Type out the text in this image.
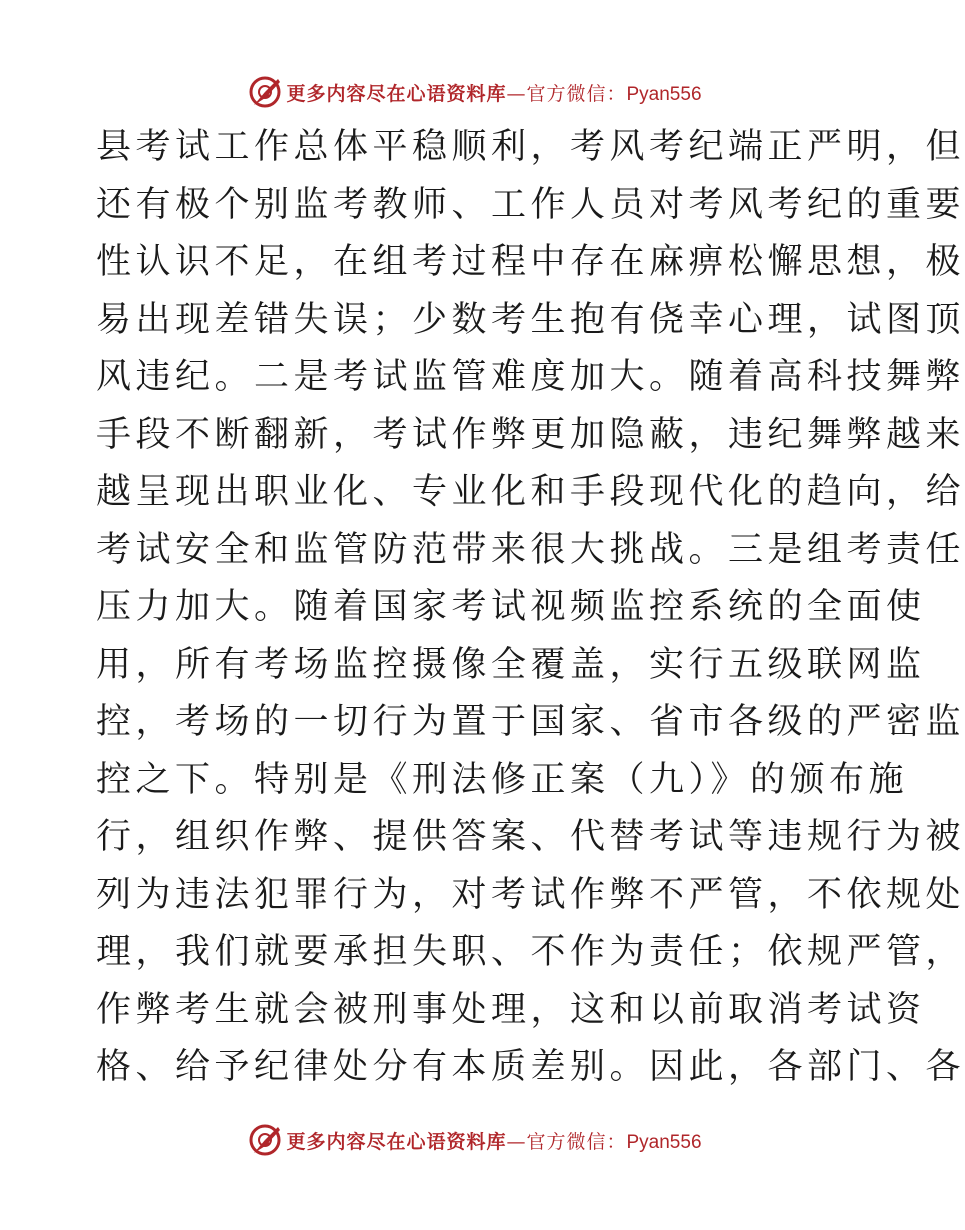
更多内容尽在心语资料库—官方微信：Pyan556
县考试工作总体平稳顺利，考风考纪端正严明，但
还有极个别监考教师、工作人员对考风考纪的重要
性认识不足，在组考过程中存在麻痹松懈思想，极
易出现差错失误；少数考生抱有侥幸心理，试图顶
风违纪。二是考试监管难度加大。随着高科技舞弊
手段不断翻新，考试作弊更加隐蔽，违纪舞弊越来
越呈现出职业化、专业化和手段现代化的趋向，给
考试安全和监管防范带来很大挑战。三是组考责任
压力加大。随着国家考试视频监控系统的全面使
用，所有考场监控摄像全覆盖，实行五级联网监
控，考场的一切行为置于国家、省市各级的严密监
控之下。特别是《刑法修正案（九）》的颁布施
行，组织作弊、提供答案、代替考试等违规行为被
列为违法犯罪行为，对考试作弊不严管，不依规处
理，我们就要承担失职、不作为责任；依规严管，
作弊考生就会被刑事处理，这和以前取消考试资
格、给予纪律处分有本质差别。因此，各部门、各
更多内容尽在心语资料库—官方微信：Pyan556
